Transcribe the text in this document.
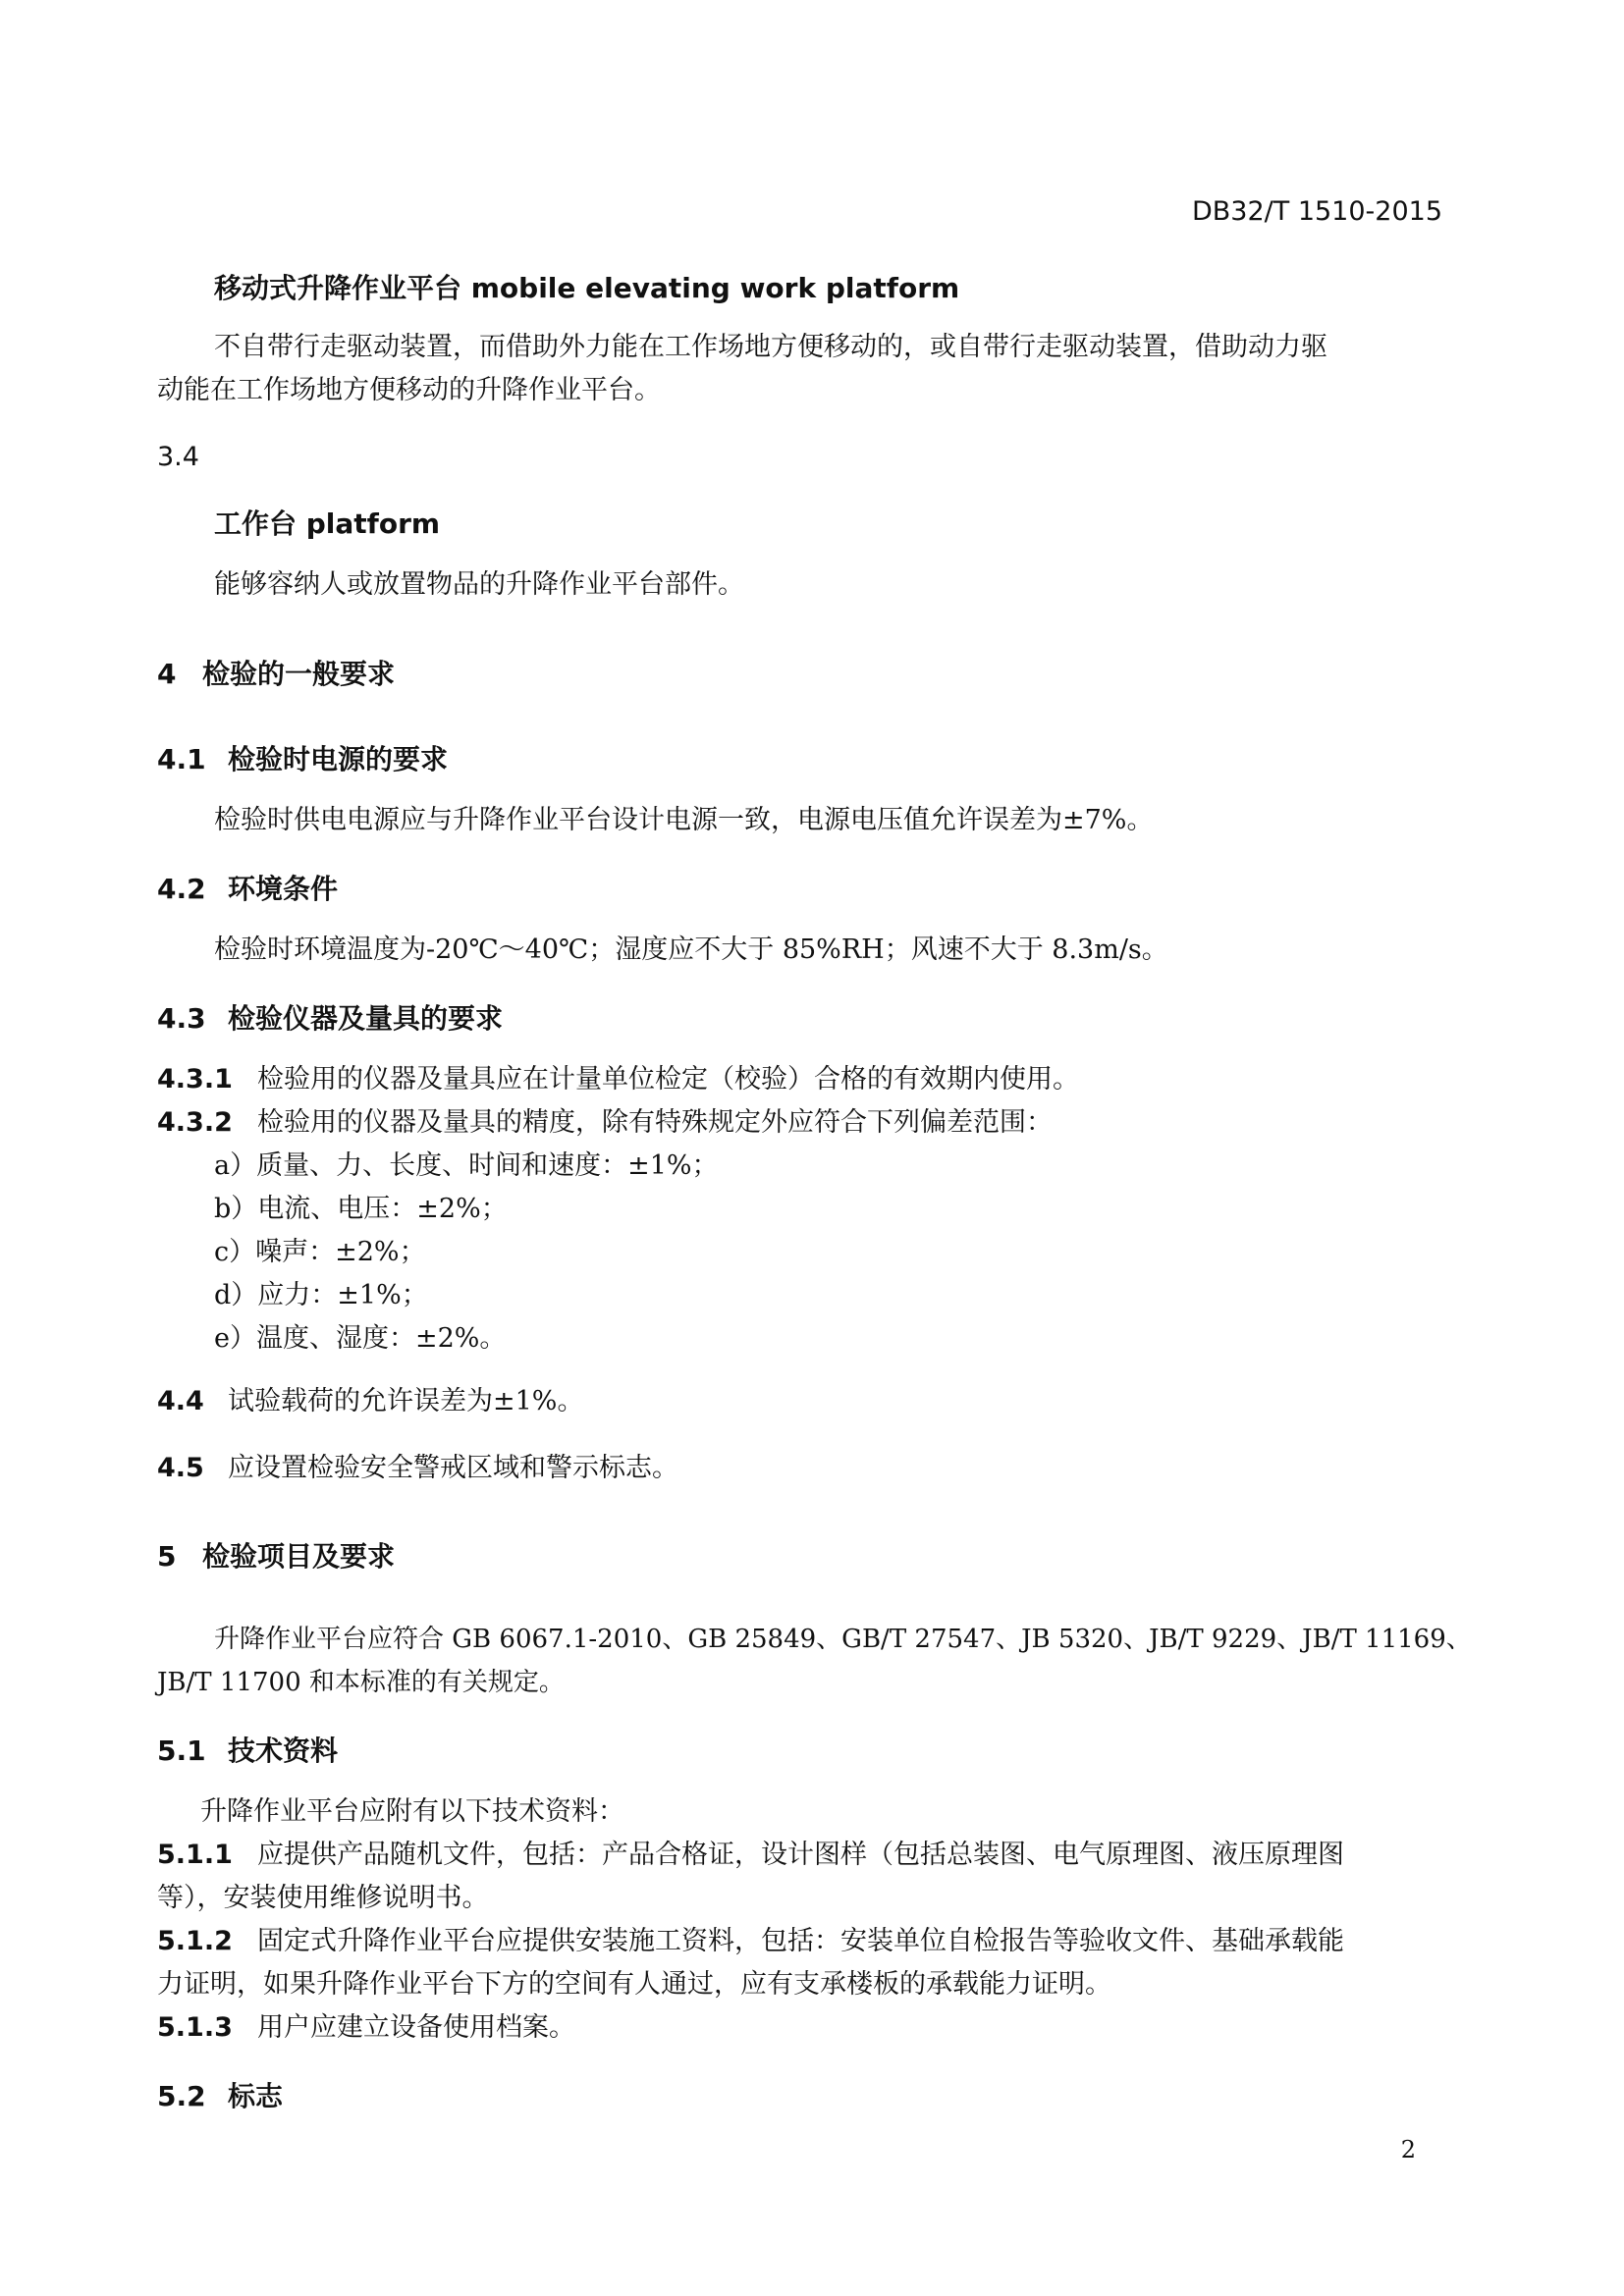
DB32/T 1510-2015
移动式升降作业平台 mobile elevating work platform
不自带行走驱动装置，而借助外力能在工作场地方便移动的，或自带行走驱动装置，借助动力驱
动能在工作场地方便移动的升降作业平台。
3.4
工作台 platform
能够容纳人或放置物品的升降作业平台部件。
4 检验的一般要求
4.1 检验时电源的要求
检验时供电电源应与升降作业平台设计电源一致，电源电压值允许误差为±7%。
4.2 环境条件
检验时环境温度为-20℃～40℃；湿度应不大于 85%RH；风速不大于 8.3m/s。
4.3 检验仪器及量具的要求
4.3.1 检验用的仪器及量具应在计量单位检定（校验）合格的有效期内使用。
4.3.2 检验用的仪器及量具的精度，除有特殊规定外应符合下列偏差范围：
a）质量、力、长度、时间和速度：±1%；
b）电流、电压：±2%；
c）噪声：±2%；
d）应力：±1%；
e）温度、湿度：±2%。
4.4 试验载荷的允许误差为±1%。
4.5 应设置检验安全警戒区域和警示标志。
5 检验项目及要求
升降作业平台应符合 GB 6067.1-2010、GB 25849、GB/T 27547、JB 5320、JB/T 9229、JB/T 11169、
JB/T 11700 和本标准的有关规定。
5.1 技术资料
升降作业平台应附有以下技术资料：
5.1.1 应提供产品随机文件，包括：产品合格证，设计图样（包括总装图、电气原理图、液压原理图
等），安装使用维修说明书。
5.1.2 固定式升降作业平台应提供安装施工资料，包括：安装单位自检报告等验收文件、基础承载能
力证明，如果升降作业平台下方的空间有人通过，应有支承楼板的承载能力证明。
5.1.3 用户应建立设备使用档案。
5.2 标志
2
